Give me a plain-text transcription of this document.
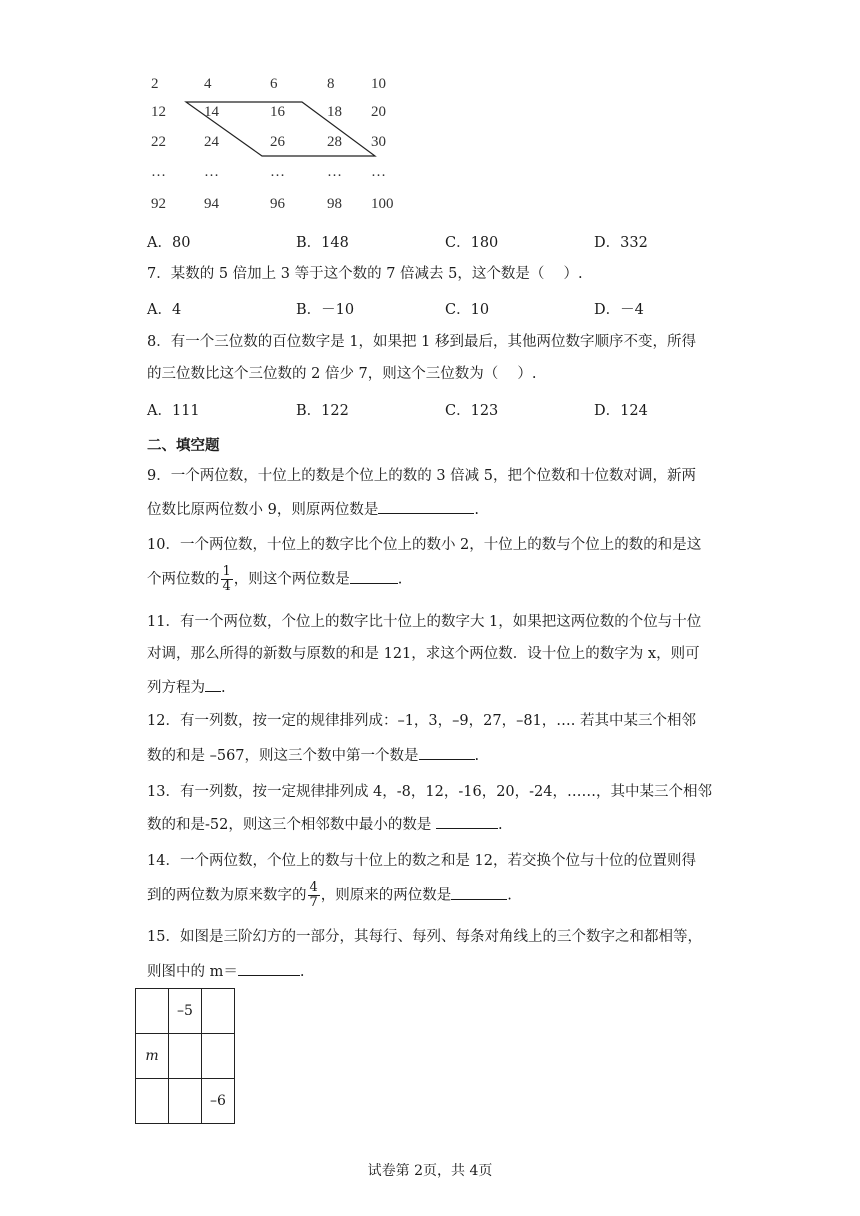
2	4	6	8 10
12	14	16	18 20
22	24	26	28 30
…	…	…	… …
92	94	96	98 100
A．80	B．148	C．180	D．332
7．某数的 5 倍加上 3 等于这个数的 7 倍减去 5，这个数是（　 ）.
A．4	B．－10	C．10	D．－4
8．有一个三位数的百位数字是 1，如果把 1 移到最后，其他两位数字顺序不变，所得
的三位数比这个三位数的 2 倍少 7，则这个三位数为（　 ）.
A．111	B．122	C．123	D．124
二、填空题
9．一个两位数，十位上的数是个位上的数的 3 倍减 5，把个位数和十位数对调，新两
位数比原两位数小 9，则原两位数是	.
10．一个两位数，十位上的数字比个位上的数小 2，十位上的数与个位上的数的和是这
个两位数的 $\frac{1}{4}$ ，则这个两位数是	.
11．有一个两位数，个位上的数字比十位上的数字大 1，如果把这两位数的个位与十位
对调，那么所得的新数与原数的和是 121，求这个两位数．设十位上的数字为 x，则可
列方程为 .
12．有一列数，按一定的规律排列成：–1，3，–9，27，–81，…. 若其中某三个相邻
数的和是 –567，则这三个数中第一个数是	.
13．有一列数，按一定规律排列成 4，-8，12，-16，20，-24，……，其中某三个相邻
数的和是-52，则这三个相邻数中最小的数是	.
14．一个两位数，个位上的数与十位上的数之和是 12，若交换个位与十位的位置则得
到的两位数为原来数字的 $\frac{4}{7}$ ，则原来的两位数是	.
15．如图是三阶幻方的一部分，其每行、每列、每条对角线上的三个数字之和都相等，
则图中的 m＝	.
	–5	
m		
		–6
试卷第 2页，共 4页
